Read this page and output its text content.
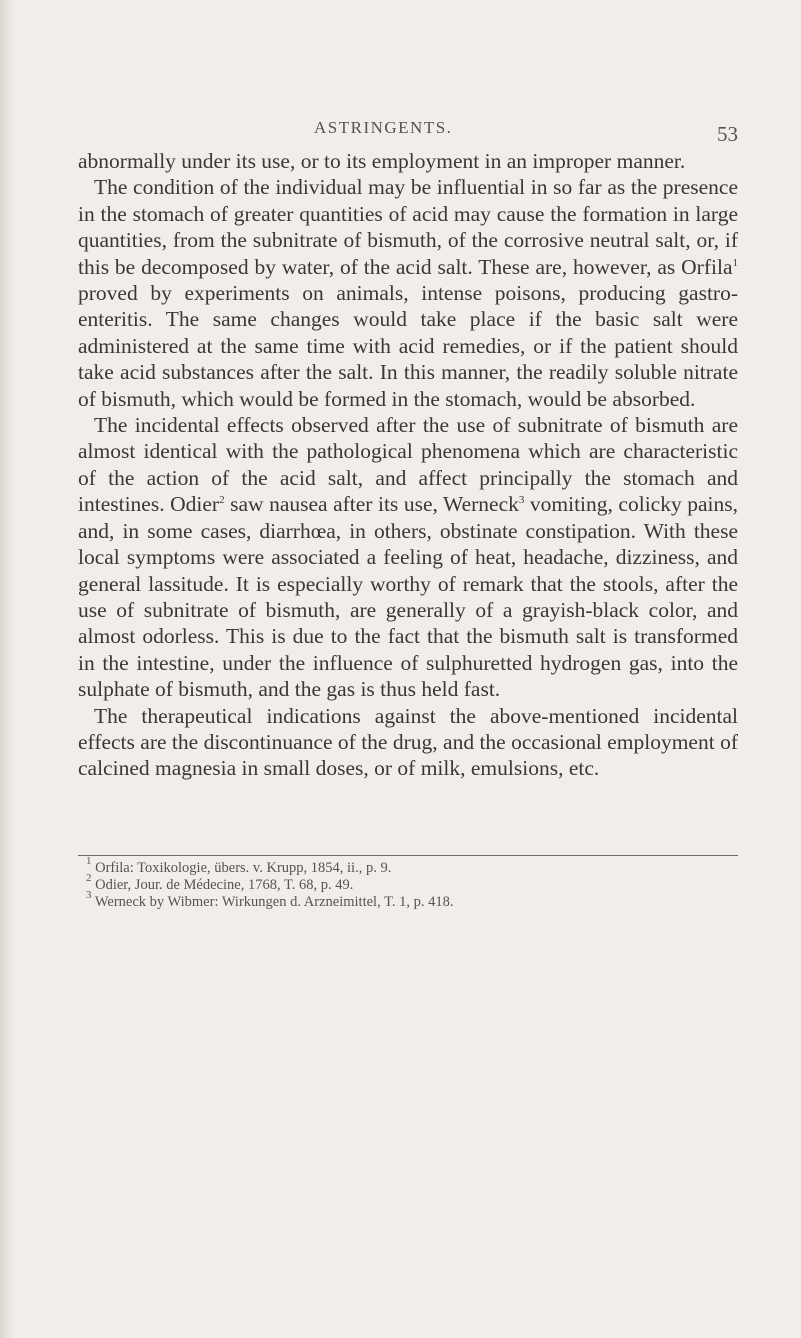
ASTRINGENTS.	53

abnormally under its use, or to its employment in an improper manner.

The condition of the individual may be influential in so far as the presence in the stomach of greater quantities of acid may cause the formation in large quantities, from the subnitrate of bismuth, of the corrosive neutral salt, or, if this be decomposed by water, of the acid salt. These are, however, as Orfila$^1$ proved by experiments on animals, intense poisons, producing gastro-enteritis. The same changes would take place if the basic salt were administered at the same time with acid remedies, or if the patient should take acid substances after the salt. In this manner, the readily soluble nitrate of bismuth, which would be formed in the stomach, would be absorbed.

The incidental effects observed after the use of subnitrate of bismuth are almost identical with the pathological phenomena which are characteristic of the action of the acid salt, and affect principally the stomach and intestines. Odier$^2$ saw nausea after its use, Werneck$^3$ vomiting, colicky pains, and, in some cases, diarrhœa, in others, obstinate constipation. With these local symptoms were associated a feeling of heat, headache, dizziness, and general lassitude. It is especially worthy of remark that the stools, after the use of subnitrate of bismuth, are generally of a grayish-black color, and almost odorless. This is due to the fact that the bismuth salt is transformed in the intestine, under the influence of sulphuretted hydrogen gas, into the sulphate of bismuth, and the gas is thus held fast.

The therapeutical indications against the above-mentioned incidental effects are the discontinuance of the drug, and the occasional employment of calcined magnesia in small doses, or of milk, emulsions, etc.

$^1$ Orfila: Toxikologie, übers. v. Krupp, 1854, ii., p. 9.
$^2$ Odier, Jour. de Médecine, 1768, T. 68, p. 49.
$^3$ Werneck by Wibmer: Wirkungen d. Arzneimittel, T. 1, p. 418.
